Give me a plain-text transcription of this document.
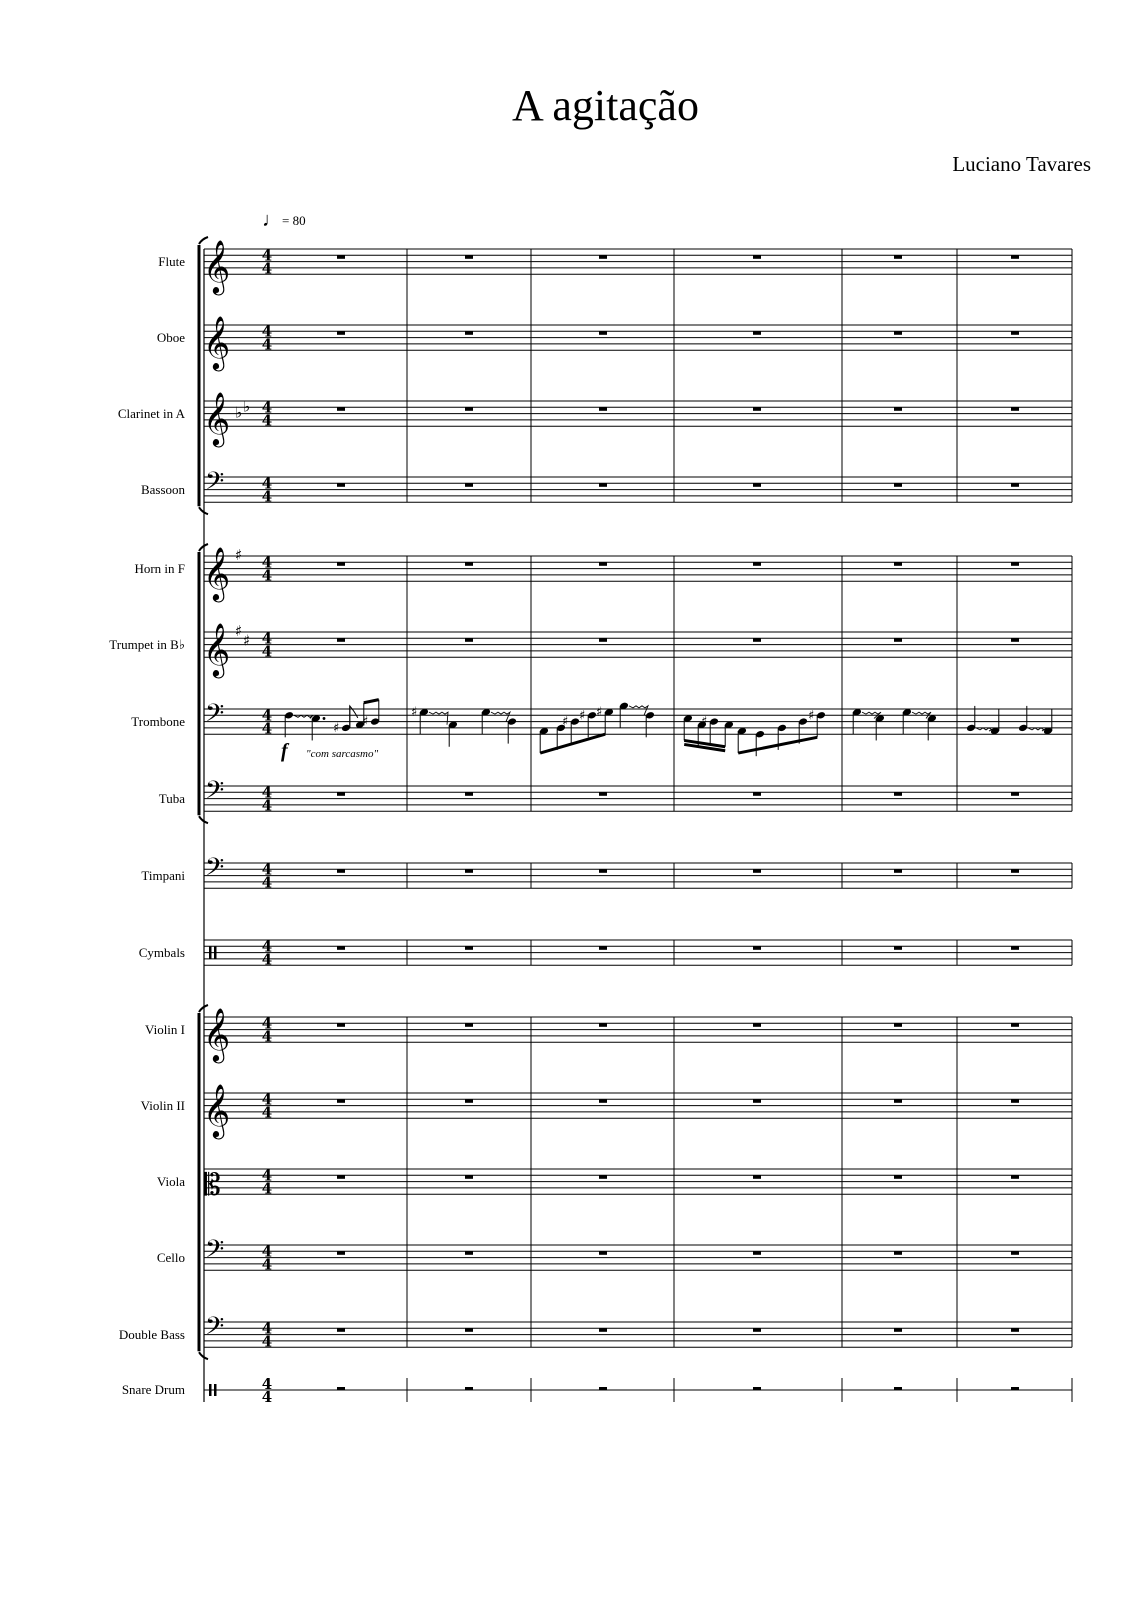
A agitação
Luciano Tavares
♩= 80
Flute
Oboe
Clarinet in A
Bassoon
Horn in F
Trumpet in B♭
Trombone
Tuba
Timpani
Cymbals
Violin I
Violin II
Viola
Cello
Double Bass
Snare Drum
𝄞 4
4
𝄞 4
4
𝄞 ♭ ♭ 4
4
𝄢 4
4
𝄞 ♯ 4
4
𝄞 ♯
♯ 4
4
𝄢 4
4
𝄢 4
4
𝄢 4
4
4
4
𝄞 4
4
𝄞 4
4
𝄡	4
4
𝄢 4
4
𝄢 4
4
4
4
♯ ♯
♯
♯ ♯ ♯
♯	♯
f "com sarcasmo"
